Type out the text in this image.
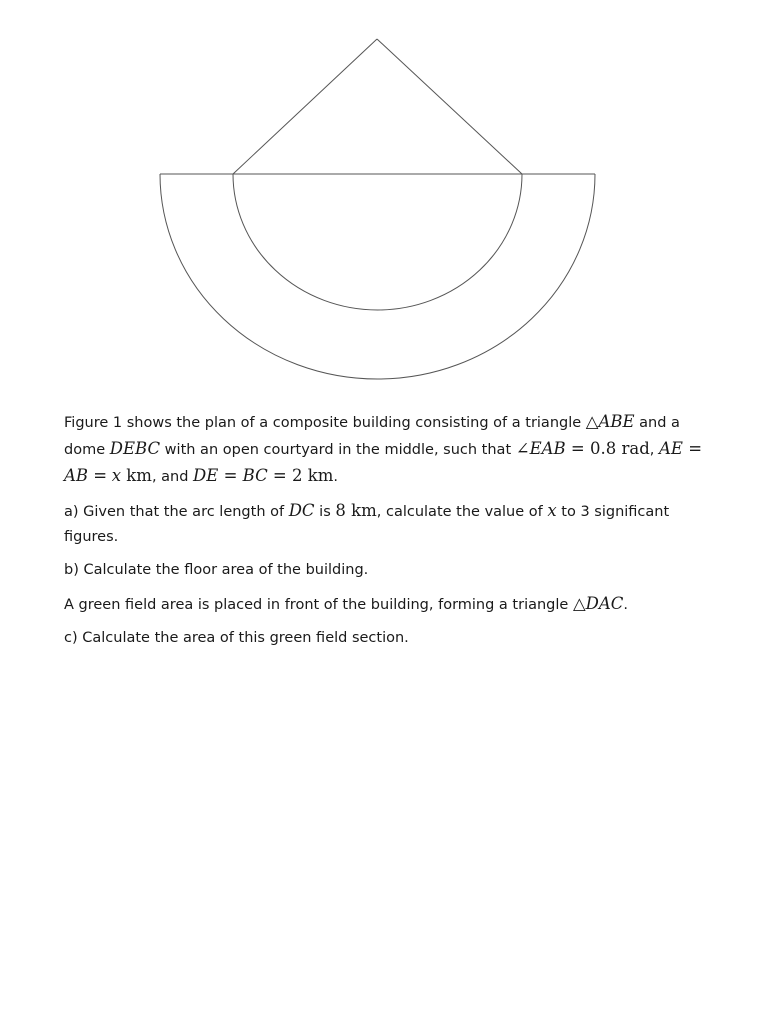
Figure 1 shows the plan of a composite building consisting of a triangle △ABE and a dome DEBC with an open courtyard in the middle, such that ∠EAB = 0.8 rad, AE = AB = x km, and DE = BC = 2 km.

a) Given that the arc length of DC is 8 km, calculate the value of x to 3 significant figures.

b) Calculate the floor area of the building.

A green field area is placed in front of the building, forming a triangle △DAC.

c) Calculate the area of this green field section.
